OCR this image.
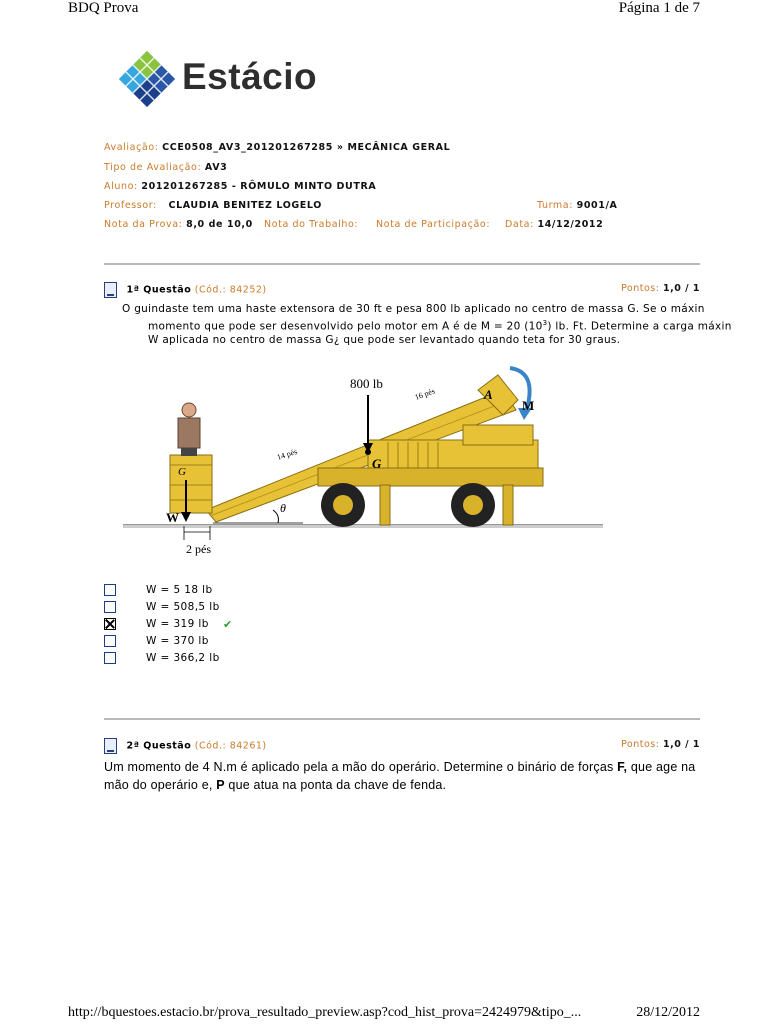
BDQ Prova	Página 1 de 7
Estácio
Avaliação: CCE0508_AV3_201201267285 » MECÂNICA GERAL
Tipo de Avaliação: AV3
Aluno: 201201267285 - RÔMULO MINTO DUTRA
Professor: CLAUDIA BENITEZ LOGELO	Turma: 9001/A
Nota da Prova: 8,0 de 10,0 Nota do Trabalho: Nota de Participação: Data: 14/12/2012
1ª Questão (Cód.: 84252)	Pontos: 1,0 / 1
O guindaste tem uma haste extensora de 30 ft e pesa 800 lb aplicado no centro de massa G. Se o máxin
momento que pode ser desenvolvido pelo motor em A é de M = 20 $(10^3)$ lb. Ft. Determine a carga máxin
W aplicada no centro de massa G¿ que pode ser levantado quando teta for 30 graus.
800 lb
16 pés
14 pés
A
M
G
G
W
θ
2 pés
W = 5 18 lb
W = 508,5 lb
✔
W = 319 lb
W = 370 lb
W = 366,2 lb
2ª Questão (Cód.: 84261)	Pontos: 1,0 / 1
Um momento de 4 N.m é aplicado pela a mão do operário. Determine o binário de forças F, que age na mão do operário e, P que atua na ponta da chave de fenda.
http://bquestoes.estacio.br/prova_resultado_preview.asp?cod_hist_prova=2424979&tipo_...	28/12/2012
